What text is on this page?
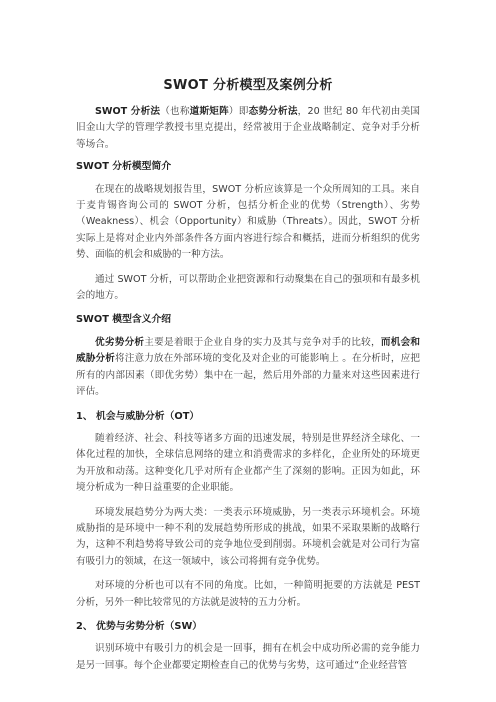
SWOT 分析模型及案例分析

SWOT 分析法（也称道斯矩阵）即态势分析法，20 世纪 80 年代初由美国旧金山大学的管理学教授韦里克提出，经常被用于企业战略制定、竞争对手分析等场合。

SWOT 分析模型简介

在现在的战略规划报告里，SWOT 分析应该算是一个众所周知的工具。来自于麦肯锡咨询公司的 SWOT 分析，包括分析企业的优势（Strength）、劣势（Weakness）、机会（Opportunity）和威胁（Threats）。因此，SWOT 分析实际上是将对企业内外部条件各方面内容进行综合和概括，进而分析组织的优劣势、面临的机会和威胁的一种方法。

通过 SWOT 分析，可以帮助企业把资源和行动聚集在自己的强项和有最多机会的地方。

SWOT 模型含义介绍

优劣势分析主要是着眼于企业自身的实力及其与竞争对手的比较，而机会和威胁分析将注意力放在外部环境的变化及对企业的可能影响上 。在分析时，应把所有的内部因素（即优劣势）集中在一起，然后用外部的力量来对这些因素进行评估。

1、 机会与威胁分析（OT）

随着经济、社会、科技等诸多方面的迅速发展，特别是世界经济全球化、一体化过程的加快，全球信息网络的建立和消费需求的多样化，企业所处的环境更为开放和动荡。这种变化几乎对所有企业都产生了深刻的影响。正因为如此，环境分析成为一种日益重要的企业职能。

环境发展趋势分为两大类：一类表示环境威胁，另一类表示环境机会。环境威胁指的是环境中一种不利的发展趋势所形成的挑战，如果不采取果断的战略行为，这种不利趋势将导致公司的竞争地位受到削弱。环境机会就是对公司行为富有吸引力的领域，在这一领域中，该公司将拥有竞争优势。

对环境的分析也可以有不同的角度。比如，一种简明扼要的方法就是 PEST 分析，另外一种比较常见的方法就是波特的五力分析。

2、 优势与劣势分析（SW）

识别环境中有吸引力的机会是一回事，拥有在机会中成功所必需的竞争能力是另一回事。每个企业都要定期检查自己的优势与劣势，这可通过“企业经营管
